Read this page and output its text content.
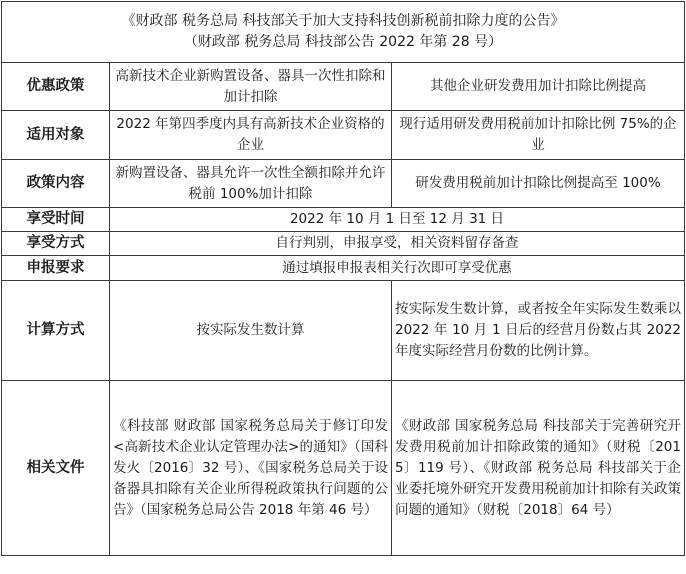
《财政部 税务总局 科技部关于加大支持科技创新税前扣除力度的公告》
（财政部 税务总局 科技部公告 2022 年第 28 号）		

优惠政策	高新技术企业新购置设备、器具一次性扣除和加计扣除	其他企业研发费用加计扣除比例提高
适用对象	2022 年第四季度内具有高新技术企业资格的企业	现行适用研发费用税前加计扣除比例 75%的企业
政策内容	新购置设备、器具允许一次性全额扣除并允许税前 100%加计扣除	研发费用税前加计扣除比例提高至 100%
享受时间	2022 年 10 月 1 日至 12 月 31 日	
享受方式	自行判别，申报享受，相关资料留存备查	
申报要求	通过填报申报表相关行次即可享受优惠	
计算方式	按实际发生数计算	按实际发生数计算，或者按全年实际发生数乘以 2022 年 10 月 1 日后的经营月份数占其 2022 年度实际经营月份数的比例计算。
相关文件	《科技部 财政部 国家税务总局关于修订印发<高新技术企业认定管理办法>的通知》（国科发火〔2016〕32 号）、《国家税务总局关于设备器具扣除有关企业所得税政策执行问题的公告》（国家税务总局公告 2018 年第 46 号）	《财政部 国家税务总局 科技部关于完善研究开发费用税前加计扣除政策的通知》（财税〔2015〕119 号）、《财政部 税务总局 科技部关于企业委托境外研究开发费用税前加计扣除有关政策问题的通知》（财税〔2018〕64 号）
